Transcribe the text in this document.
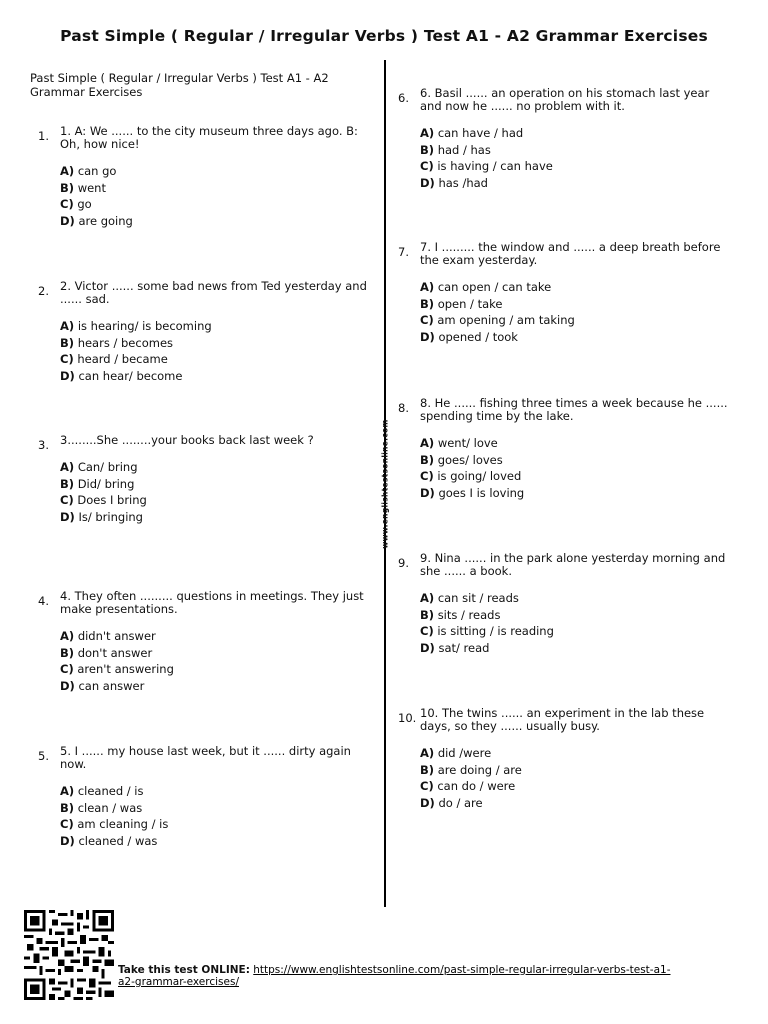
Past Simple ( Regular / Irregular Verbs ) Test A1 - A2 Grammar Exercises
Past Simple ( Regular / Irregular Verbs ) Test A1 - A2 Grammar Exercises
www.englishtestsonline.com
1. 1. A: We ...... to the city museum three days ago. B: Oh, how nice!
A) can go
B) went
C) go
D) are going
2. 2. Victor ...... some bad news from Ted yesterday and ...... sad.
A) is hearing/ is becoming
B) hears / becomes
C) heard / became
D) can hear/ become
3. 3........She ........your books back last week ?
A) Can/ bring
B) Did/ bring
C) Does I bring
D) Is/ bringing
4. 4. They often ......... questions in meetings. They just make presentations.
A) didn't answer
B) don't answer
C) aren't answering
D) can answer
5. 5. I ...... my house last week, but it ...... dirty again now.
A) cleaned / is
B) clean / was
C) am cleaning / is
D) cleaned / was
6. 6. Basil ...... an operation on his stomach last year and now he ...... no problem with it.
A) can have / had
B) had / has
C) is having / can have
D) has /had
7. 7. I ......... the window and ...... a deep breath before the exam yesterday.
A) can open / can take
B) open / take
C) am opening / am taking
D) opened / took
8. 8. He ...... fishing three times a week because he ...... spending time by the lake.
A) went/ love
B) goes/ loves
C) is going/ loved
D) goes I is loving
9. 9. Nina ...... in the park alone yesterday morning and she ...... a book.
A) can sit / reads
B) sits / reads
C) is sitting / is reading
D) sat/ read
10. 10. The twins ...... an experiment in the lab these days, so they ...... usually busy.
A) did /were
B) are doing / are
C) can do / were
D) do / are
Take this test ONLINE: https://www.englishtestsonline.com/past-simple-regular-irregular-verbs-test-a1-a2-grammar-exercises/
